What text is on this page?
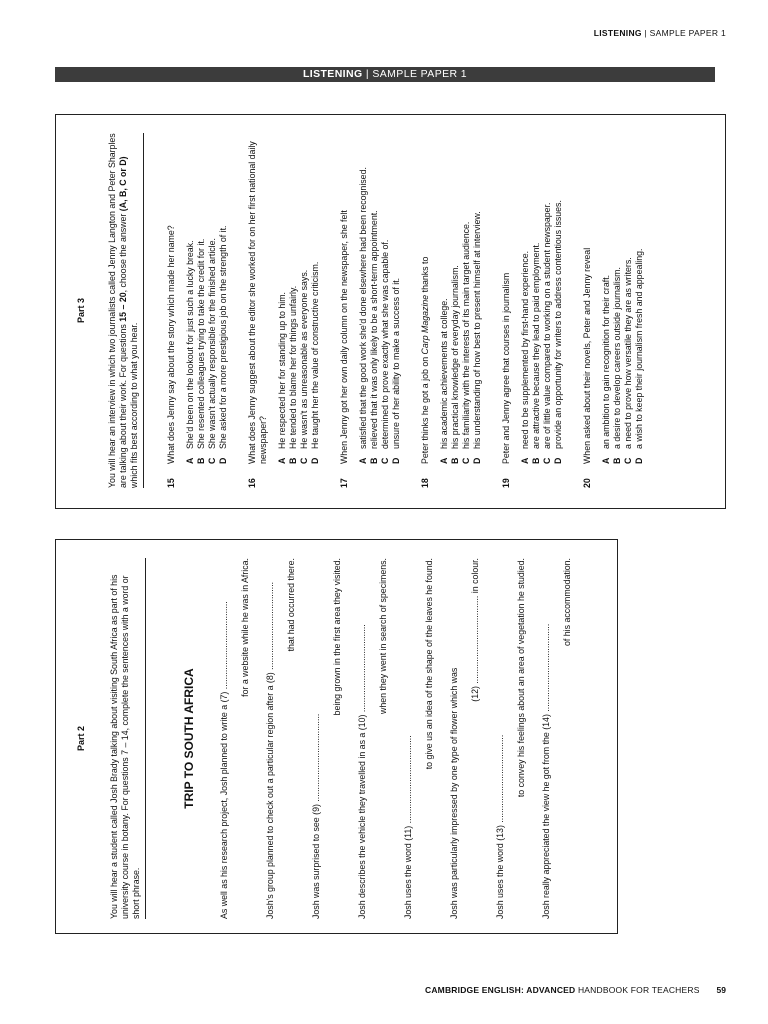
LISTENING | SAMPLE PAPER 1
LISTENING | SAMPLE PAPER 1

Part 2	You will hear a student called Josh Brady talking about visiting South Africa as part of his university course in botany. For questions 7 – 14, complete the sentences with a word or short phrase.

TRIP TO SOUTH AFRICA	As well as his research project, Josh planned to write a (7) .................................... for a website while he was in Africa. Josh's group planned to check out a particular region after a (8) .................................... that had occurred there.
Josh was surprised to see (9) ....................................
being grown in the first area they visited. Josh describes the vehicle they travelled in as a (10) .................................... when they went in search of specimens.
Josh uses the word (11) ....................................
to give us an idea of the shape of the leaves he found.
Josh was particularly impressed by one type of flower which was
(12) .................................... in colour.
Josh uses the word (13) ....................................
to convey his feelings about an area of vegetation he studied. Josh really appreciated the view he got from the (14) ....................................
of his accommodation.

Part 3 You will hear an interview in which two journalists called Jenny Langton and Peter Sharples are talking about their work. For questions 15 – 20, choose the answer (A, B, C or D) which fits best according to what you hear.	15
What does Jenny say about the story which made her name? A
She'd been on the lookout for just such a lucky break.
B
She resented colleagues trying to take the credit for it.
C
She wasn't actually responsible for the finished article.
D
She asked for a more prestigious job on the strength of it.
16
What does Jenny suggest about the editor she worked for on her first national daily newspaper? A
He respected her for standing up to him.
B
He tended to blame her for things unfairly.
C
He wasn't as unreasonable as everyone says.
D
He taught her the value of constructive criticism.
17
When Jenny got her own daily column on the newspaper, she felt A
satisfied that the good work she'd done elsewhere had been recognised.
B
relieved that it was only likely to be a short-term appointment.
C
determined to prove exactly what she was capable of.
D
unsure of her ability to make a success of it.
18
Peter thinks he got a job on Carp Magazine thanks to
A
his academic achievements at college.
B
his practical knowledge of everyday journalism.
C
his familiarity with the interests of its main target audience.
D
his understanding of how best to present himself at interview.
19
Peter and Jenny agree that courses in journalism A
need to be supplemented by first-hand experience.
B
are attractive because they lead to paid employment.
C
are of little value compared to working on a student newspaper.
D
provide an opportunity for writers to address contentious issues.
20
When asked about their novels, Peter and Jenny reveal A
an ambition to gain recognition for their craft.
B
a desire to develop careers outside journalism.
C
a need to prove how versatile they are as writers.
D
a wish to keep their journalism fresh and appealing.
CAMBRIDGE ENGLISH: ADVANCED HANDBOOK FOR TEACHERS 59
